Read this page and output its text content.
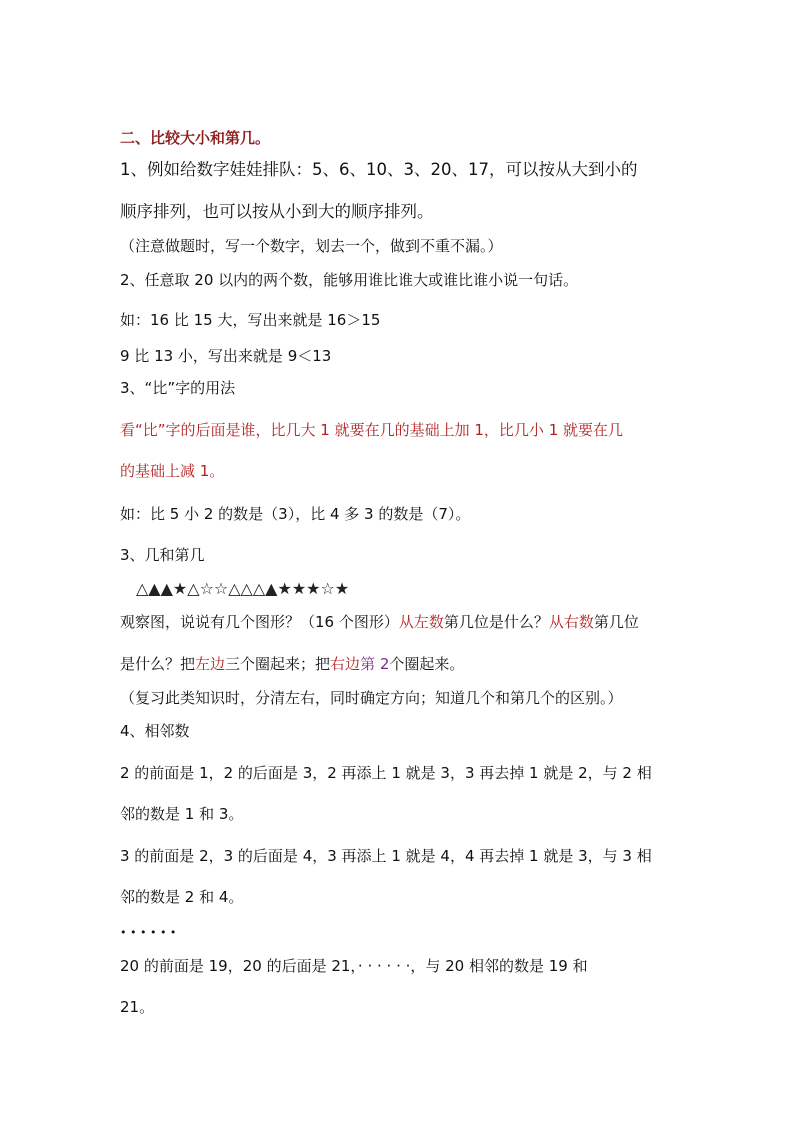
二、比较大小和第几。
1、例如给数字娃娃排队：5、6、10、3、20、17，可以按从大到小的
顺序排列，也可以按从小到大的顺序排列。
（注意做题时，写一个数字，划去一个，做到不重不漏。）
2、任意取 20 以内的两个数，能够用谁比谁大或谁比谁小说一句话。
如：16 比 15 大，写出来就是 16＞15
9 比 13 小，写出来就是 9＜13
3、“比”字的用法
看“比”字的后面是谁，比几大 1 就要在几的基础上加 1，比几小 1 就要在几
的基础上减 1。
如：比 5 小 2 的数是（3），比 4 多 3 的数是（7）。
3、几和第几
△▲▲★△☆☆△△△▲★★★☆★
观察图，说说有几个图形？（16 个图形）从左数第几位是什么？从右数第几位
是什么？把左边三个圈起来；把右边第 2个圈起来。
（复习此类知识时，分清左右，同时确定方向；知道几个和第几个的区别。）
4、相邻数
2 的前面是 1，2 的后面是 3，2 再添上 1 就是 3，3 再去掉 1 就是 2，与 2 相
邻的数是 1 和 3。
3 的前面是 2，3 的后面是 4，3 再添上 1 就是 4，4 再去掉 1 就是 3，与 3 相
邻的数是 2 和 4。
• • • • • •
20 的前面是 19，20 的后面是 21，· · · · · ·，与 20 相邻的数是 19 和
21。
